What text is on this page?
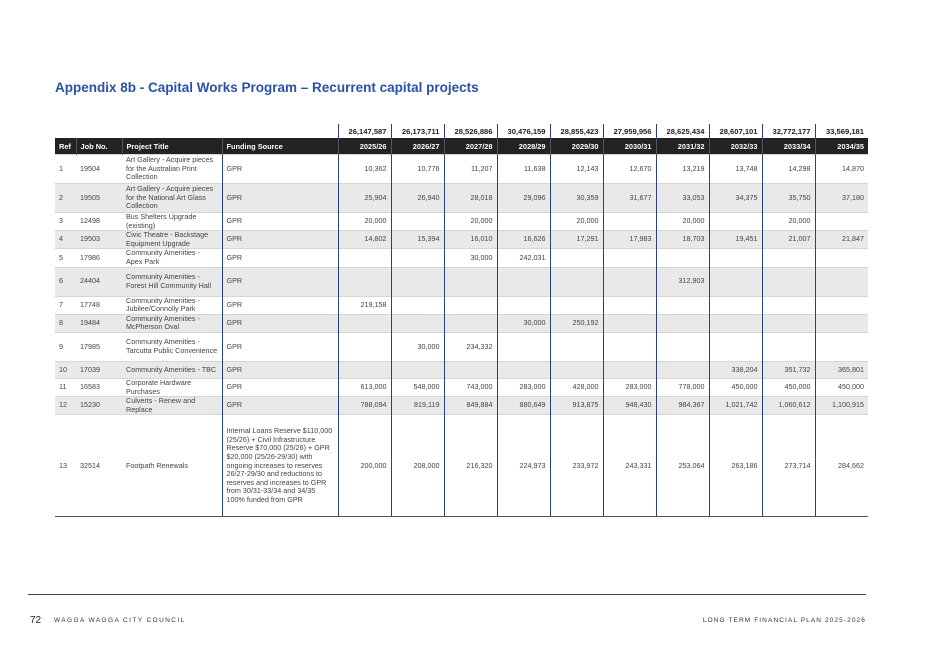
Appendix 8b - Capital Works Program – Recurrent capital projects
				26,147,587	26,173,711	28,526,886	30,476,159	28,855,423	27,959,956	28,625,434	28,607,101	32,772,177	33,569,181
Ref	Job No.	Project Title	Funding Source	2025/26	2026/27	2027/28	2028/29	2029/30	2030/31	2031/32	2032/33	2033/34	2034/35
1	19504	Art Gallery - Acquire pieces for the Australian Print Collection	GPR	10,362	10,776	11,207	11,638	12,143	12,670	13,219	13,748	14,298	14,870
2	19505	Art Gallery - Acquire pieces for the National Art Glass Collection	GPR	25,904	26,940	28,018	29,096	30,359	31,677	33,053	34,375	35,750	37,180
3	12498	Bus Shelters Upgrade (existing)	GPR	20,000		20,000		20,000		20,000		20,000	
4	19503	Civic Theatre - Backstage Equipment Upgrade	GPR	14,802	15,394	16,010	16,626	17,291	17,983	18,703	19,451	21,007	21,847
5	17986	Community Amenities - Apex Park	GPR			30,000	242,031						
6	24404	Community Amenities - Forest Hill Community Hall	GPR							312,903			
7	17748	Community Amenities - Jubilee/Connolly Park	GPR	219,158									
8	19484	Community Amenities - McPherson Oval	GPR				30,000	250,192					
9	17985	Community Amenities - Tarcutta Public Convenience	GPR		30,000	234,332							
10	17039	Community Amenities - TBC	GPR								338,204	351,732	365,801
11	16583	Corporate Hardware Purchases	GPR	613,000	548,000	743,000	283,000	428,000	283,000	778,000	450,000	450,000	450,000
12	15230	Culverts - Renew and Replace	GPR	788,094	819,119	849,884	880,649	913,875	948,430	984,367	1,021,742	1,060,612	1,100,915
13	32514	Footpath Renewals	Internal Loans Reserve $110,000 (25/26) + Civil Infrastructure Reserve $70,000 (25/26) + GPR $20,000 (25/26-29/30) with ongoing increases to reserves 26/27-29/30 and reductions to reserves and increases to GPR from 30/31-33/34 and 34/35 100% funded from GPR	200,000	208,000	216,320	224,973	233,972	243,331	253,064	263,186	273,714	284,662
72 WAGGA WAGGA CITY COUNCIL	LONG TERM FINANCIAL PLAN 2025-2026
